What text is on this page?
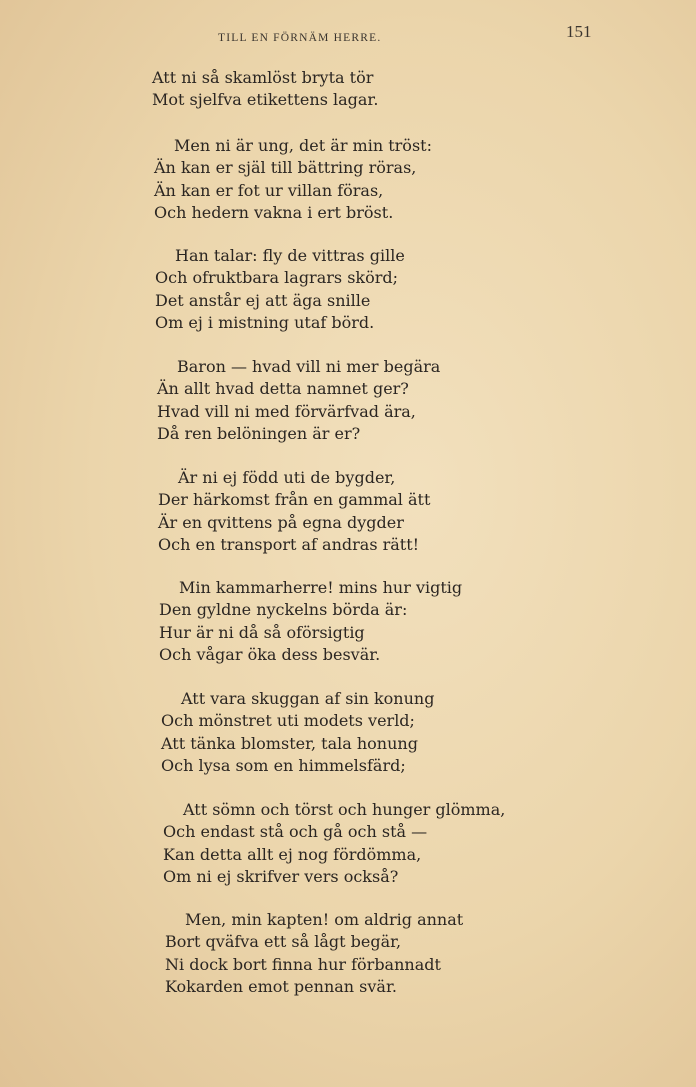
TILL EN FÖRNÄM HERRE.	151
Att ni så skamlöst bryta tör
Mot sjelfva etikettens lagar.
Men ni är ung, det är min tröst:
Än kan er själ till bättring röras,
Än kan er fot ur villan föras,
Och hedern vakna i ert bröst.
Han talar: fly de vittras gille
Och ofruktbara lagrars skörd;
Det anstår ej att äga snille
Om ej i mistning utaf börd.
Baron — hvad vill ni mer begära
Än allt hvad detta namnet ger?
Hvad vill ni med förvärfvad ära,
Då ren belöningen är er?
Är ni ej född uti de bygder,
Der härkomst från en gammal ätt
Är en qvittens på egna dygder
Och en transport af andras rätt!
Min kammarherre! mins hur vigtig
Den gyldne nyckelns börda är:
Hur är ni då så oförsigtig
Och vågar öka dess besvär.
Att vara skuggan af sin konung
Och mönstret uti modets verld;
Att tänka blomster, tala honung
Och lysa som en himmelsfärd;
Att sömn och törst och hunger glömma,
Och endast stå och gå och stå —
Kan detta allt ej nog fördömma,
Om ni ej skrifver vers också?
Men, min kapten! om aldrig annat
Bort qväfva ett så lågt begär,
Ni dock bort finna hur förbannadt
Kokarden emot pennan svär.
